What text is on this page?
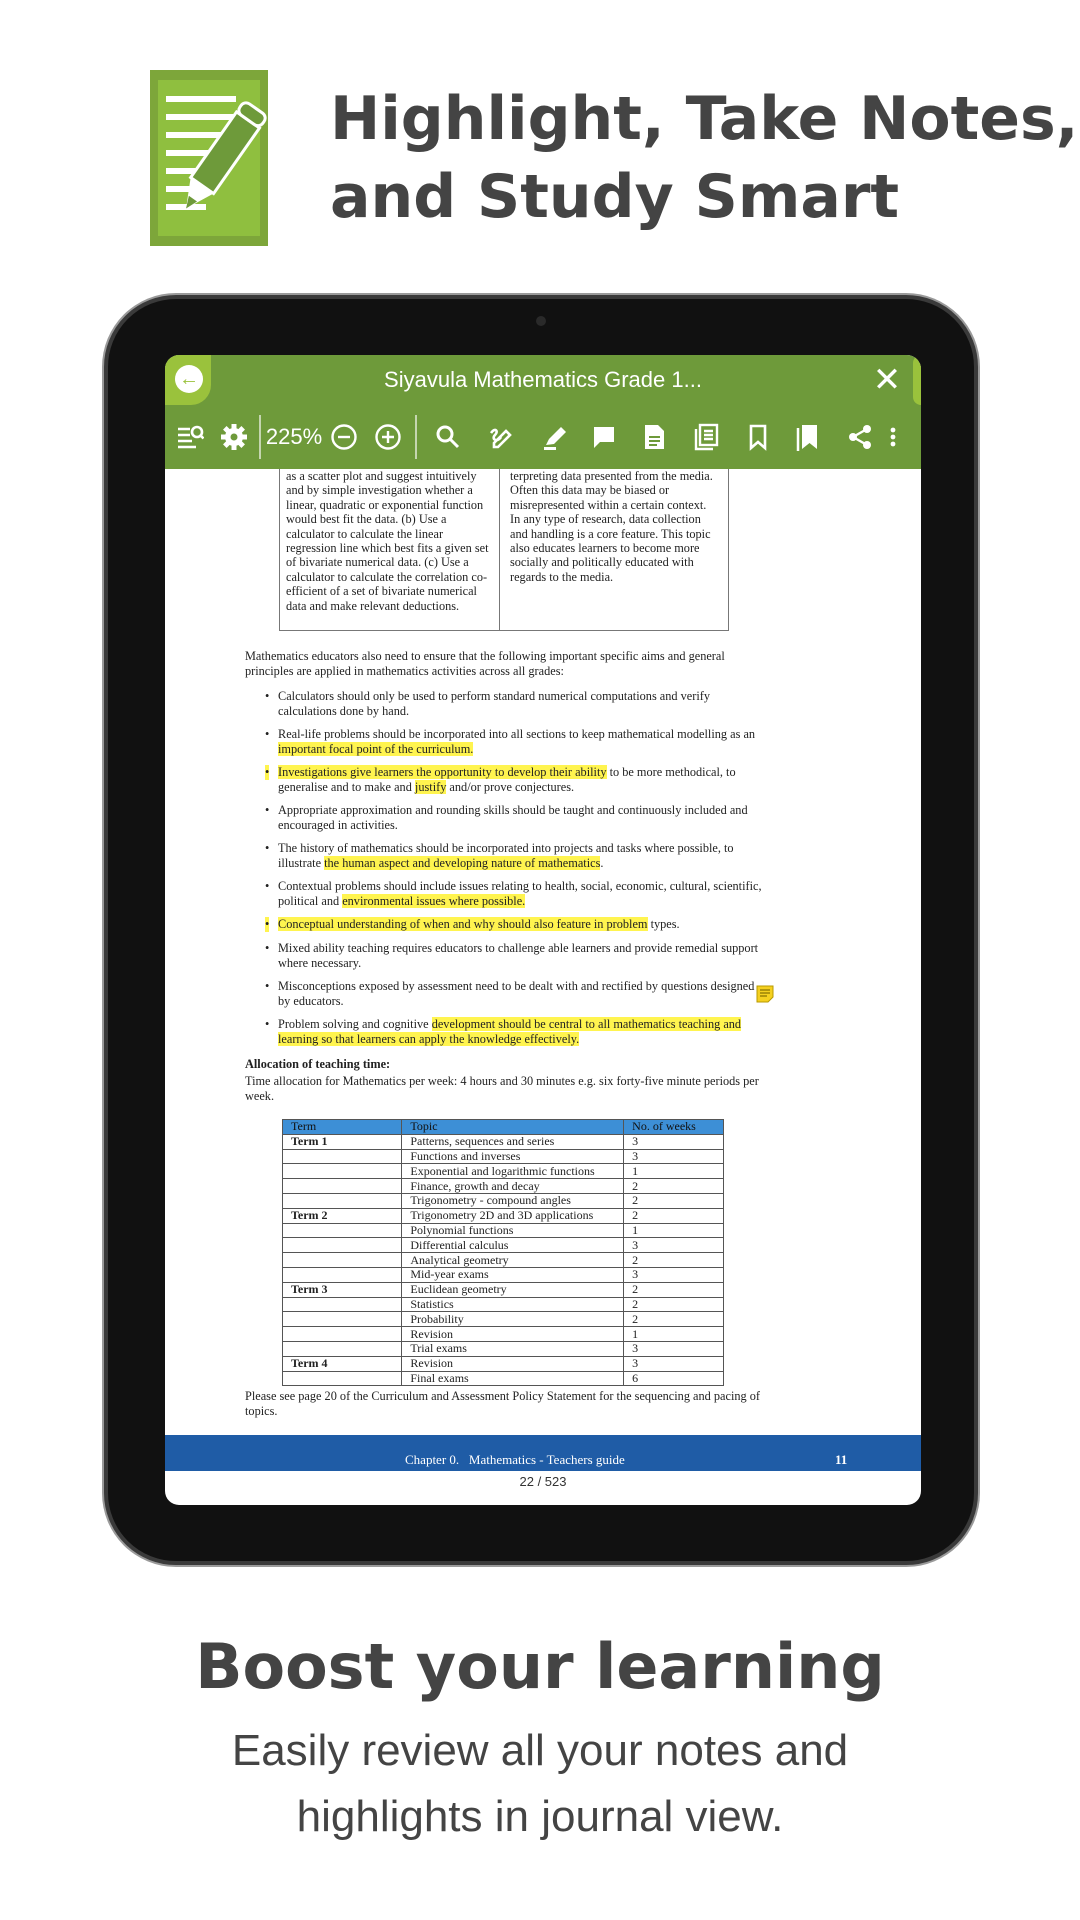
Highlight, Take Notes,
and Study Smart
←	Siyavula Mathematics Grade 1...	✕
225%
as a scatter plot and suggest intuitively and by simple investigation whether a linear, quadratic or exponential function would best fit the data. (b) Use a calculator to calculate the linear regression line which best fits a given set of bivariate numerical data. (c) Use a calculator to calculate the correlation co-efficient of a set of bivariate numerical data and make relevant deductions.
terpreting data presented from the media. Often this data may be biased or misrepresented within a certain context. In any type of research, data collection and handling is a core feature. This topic also educates learners to become more socially and politically educated with regards to the media.
Mathematics educators also need to ensure that the following important specific aims and general principles are applied in mathematics activities across all grades:
• Calculators should only be used to perform standard numerical computations and verify calculations done by hand.
• Real-life problems should be incorporated into all sections to keep mathematical modelling as an important focal point of the curriculum.
• Investigations give learners the opportunity to develop their ability to be more methodical, to generalise and to make and justify and/or prove conjectures.
• Appropriate approximation and rounding skills should be taught and continuously included and encouraged in activities.
• The history of mathematics should be incorporated into projects and tasks where possible, to illustrate the human aspect and developing nature of mathematics.
• Contextual problems should include issues relating to health, social, economic, cultural, scientific, political and environmental issues where possible.
• Conceptual understanding of when and why should also feature in problem types.
• Mixed ability teaching requires educators to challenge able learners and provide remedial support where necessary.
• Misconceptions exposed by assessment need to be dealt with and rectified by questions designed by educators.
• Problem solving and cognitive development should be central to all mathematics teaching and learning so that learners can apply the knowledge effectively.
Allocation of teaching time:
Time allocation for Mathematics per week: 4 hours and 30 minutes e.g. six forty-five minute periods per week.
Term	Topic	No. of weeks
Term 1	Patterns, sequences and series	3
	Functions and inverses	3
	Exponential and logarithmic functions	1
	Finance, growth and decay	2
	Trigonometry - compound angles	2
Term 2	Trigonometry 2D and 3D applications	2
	Polynomial functions	1
	Differential calculus	3
	Analytical geometry	2
	Mid-year exams	3
Term 3	Euclidean geometry	2
	Statistics	2
	Probability	2
	Revision	1
	Trial exams	3
Term 4	Revision	3
	Final exams	6
Please see page 20 of the Curriculum and Assessment Policy Statement for the sequencing and pacing of topics.
Chapter 0.   Mathematics - Teachers guide	11
22 / 523
Boost your learning
Easily review all your notes and
highlights in journal view.
